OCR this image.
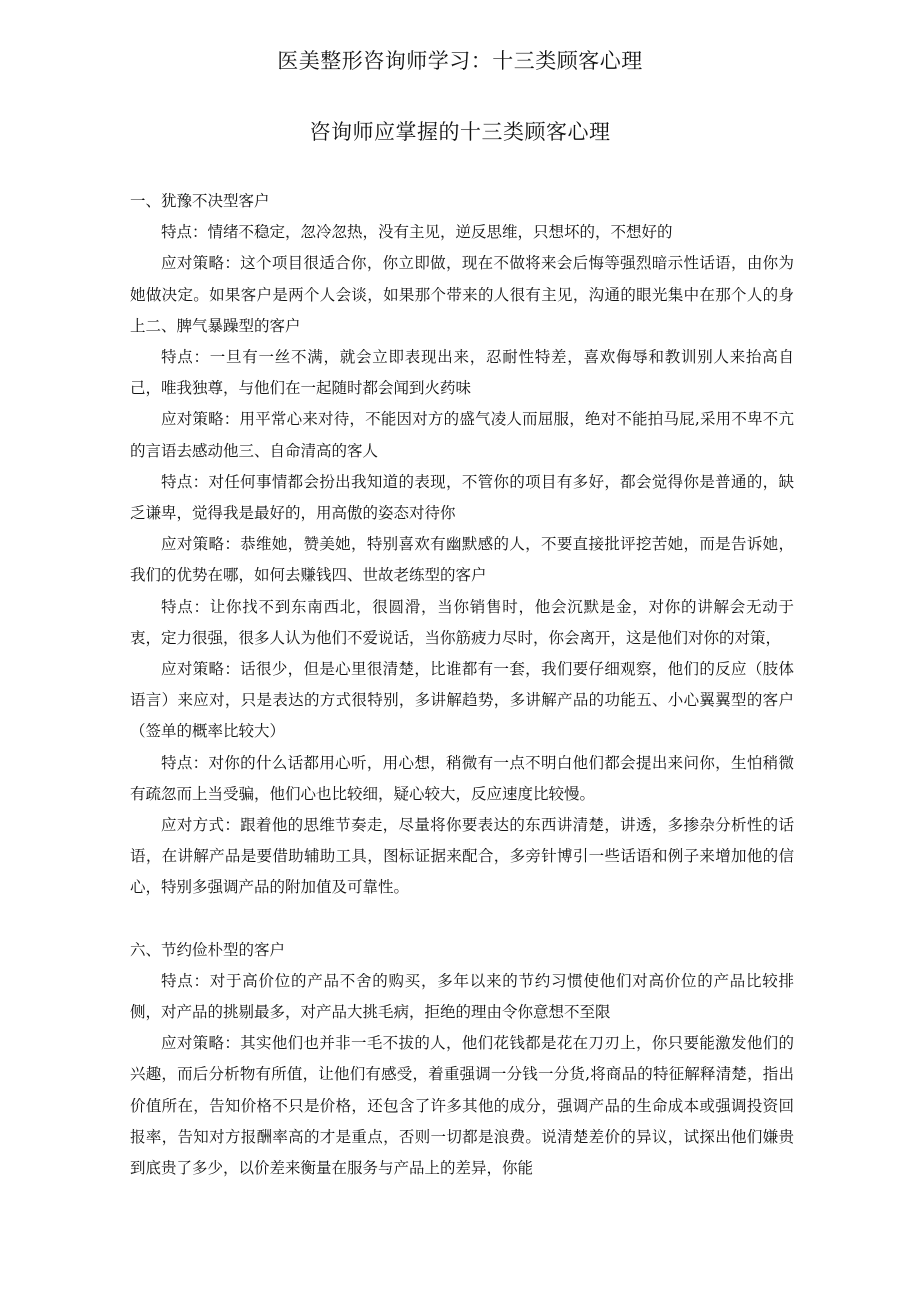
医美整形咨询师学习：十三类顾客心理
咨询师应掌握的十三类顾客心理

一、犹豫不决型客户

特点：情绪不稳定，忽冷忽热，没有主见，逆反思维，只想坏的，不想好的

应对策略：这个项目很适合你，你立即做，现在不做将来会后悔等强烈暗示性话语，由你为她做决定。如果客户是两个人会谈，如果那个带来的人很有主见，沟通的眼光集中在那个人的身上二、脾气暴躁型的客户

特点：一旦有一丝不满，就会立即表现出来，忍耐性特差，喜欢侮辱和教训别人来抬高自己，唯我独尊，与他们在一起随时都会闻到火药味

应对策略：用平常心来对待，不能因对方的盛气凌人而屈服，绝对不能拍马屁,采用不卑不亢的言语去感动他三、自命清高的客人

特点：对任何事情都会扮出我知道的表现，不管你的项目有多好，都会觉得你是普通的，缺乏谦卑，觉得我是最好的，用高傲的姿态对待你

应对策略：恭维她，赞美她，特别喜欢有幽默感的人，不要直接批评挖苦她，而是告诉她，我们的优势在哪，如何去赚钱四、世故老练型的客户

特点：让你找不到东南西北，很圆滑，当你销售时，他会沉默是金，对你的讲解会无动于衷，定力很强，很多人认为他们不爱说话，当你筋疲力尽时，你会离开，这是他们对你的对策，

应对策略：话很少，但是心里很清楚，比谁都有一套，我们要仔细观察，他们的反应（肢体语言）来应对，只是表达的方式很特别，多讲解趋势，多讲解产品的功能五、小心翼翼型的客户（签单的概率比较大）

特点：对你的什么话都用心听，用心想，稍微有一点不明白他们都会提出来问你，生怕稍微有疏忽而上当受骗，他们心也比较细，疑心较大，反应速度比较慢。

应对方式：跟着他的思维节奏走，尽量将你要表达的东西讲清楚，讲透，多掺杂分析性的话语，在讲解产品是要借助辅助工具，图标证据来配合，多旁针博引一些话语和例子来增加他的信心，特别多强调产品的附加值及可靠性。

六、节约俭朴型的客户

特点：对于高价位的产品不舍的购买，多年以来的节约习惯使他们对高价位的产品比较排侧，对产品的挑剔最多，对产品大挑毛病，拒绝的理由令你意想不至限

应对策略：其实他们也并非一毛不拔的人，他们花钱都是花在刀刃上，你只要能激发他们的兴趣，而后分析物有所值，让他们有感受，着重强调一分钱一分货,将商品的特征解释清楚，指出价值所在，告知价格不只是价格，还包含了许多其他的成分，强调产品的生命成本或强调投资回报率，告知对方报酬率高的才是重点，否则一切都是浪费。说清楚差价的异议，试探出他们嫌贵到底贵了多少，以价差来衡量在服务与产品上的差异，你能
